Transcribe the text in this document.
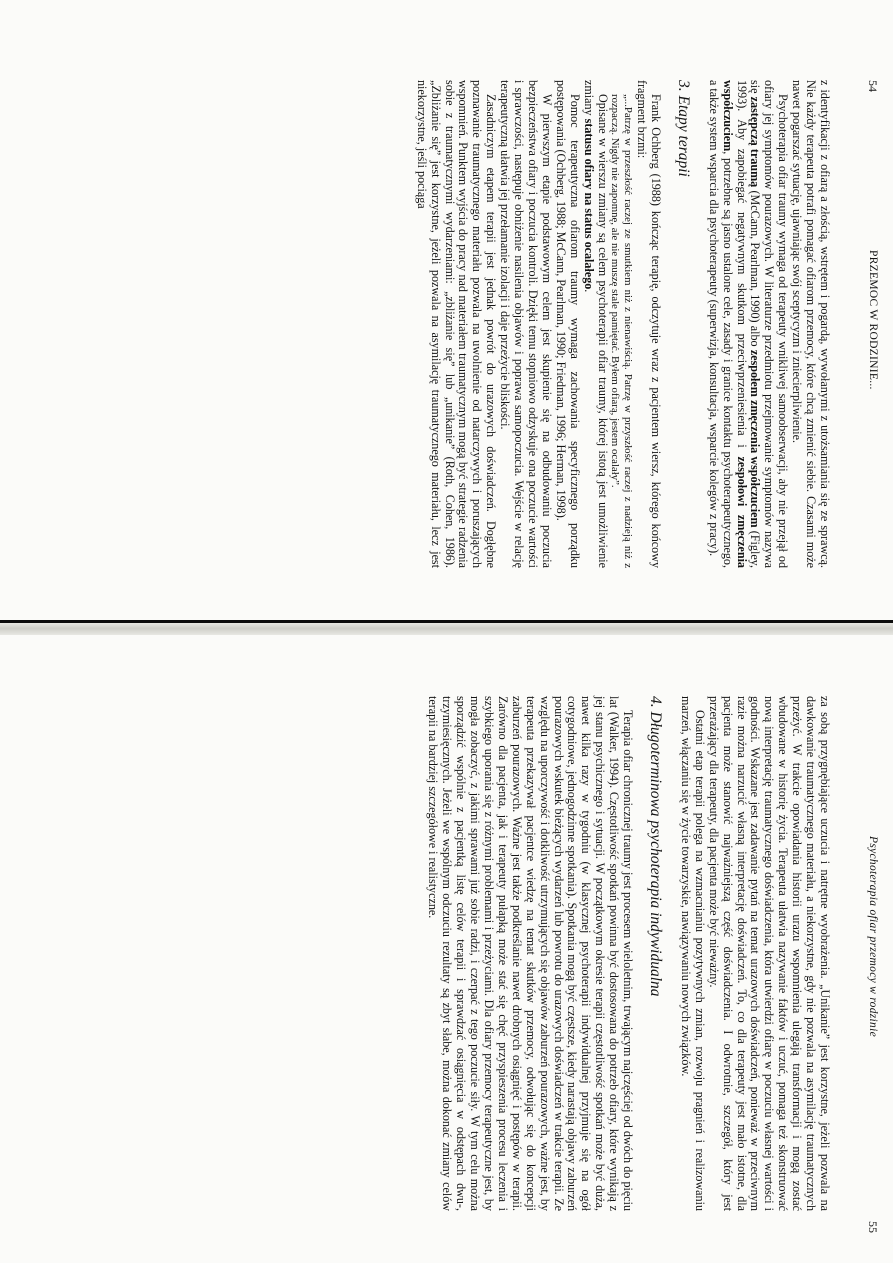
54
PRZEMOC W RODZINIE...

z identyfikacji z ofiarą a złością, wstrętem i pogardą, wywołanymi z utożsamiania się ze sprawcą. Nie każdy terapeuta potrafi pomagać ofiarom przemocy, które chcą zmienić siebie. Czasami może nawet pogarszać sytuację, ujawniając swój sceptycyzm i zniecierpliwienie.

Psychoterapia ofiar traumy wymaga od terapeuty wnikliwej samoobserwacji, aby nie przejął od ofiary jej symptomów pourazowych. W literaturze przedmiotu przejmowanie symptomów nazywa się zastępczą traumą (McCann, Pearlman, 1990) albo zespołem zmęczenia współczuciem (Figley, 1993). Aby zapobiegać negatywnym skutkom przeciwprzeniesienia i zespołowi zmęczenia współczuciem, potrzebne są jasno ustalone cele, zasady i granice kontaktu psychoterapeutycznego, a także system wsparcia dla psychoterapeuty (superwizja, konsultacja, wsparcie kolegów z pracy).

3. Etapy terapii

Frank Ochberg (1988) kończąc terapię, odczytuje wraz z pacjentem wiersz, którego końcowy fragment brzmi:

„...Patrzę w przeszłość raczej ze smutkiem niż z nienawiścią. Patrzę w przyszłość raczej z nadzieją niż z rozpaczą. Nigdy nie zapomnę, ale nie muszę stale pamiętać. Byłem ofiarą, jestem ocalały”.

Opisane w wierszu zmiany są celem psychoterapii ofiar traumy, której istotą jest umożliwienie zmiany statusu ofiary na status ocalałego.

Pomoc terapeutyczna ofiarom traumy wymaga zachowania specyficznego porządku postępowania (Ochberg, 1988; McCann, Pearlman, 1990; Friedman, 1996; Herman, 1998).

W pierwszym etapie podstawowym celem jest skupienie się na odbudowaniu poczucia bezpieczeństwa ofiary i poczucia kontroli. Dzięki temu stopniowo odzyskuje ona poczucie wartości i sprawczości, następuje obniżenie nasilenia objawów i poprawa samopoczucia. Wejście w relację terapeutyczną ułatwia jej przełamanie izolacji i daje przeżycie bliskości.

Zasadniczym etapem terapii jest jednak powrót do urazowych doświadczeń. Dogłębne poznawanie traumatycznego materiału pozwala na uwolnienie od natarczywych i poruszających wspomnień. Punktem wyjścia do pracy nad materiałem traumatycznym mogą być strategie radzenia sobie z traumatycznymi wydarzeniami: „zbliżanie się” lub „unikanie” (Roth, Cohen, 1986). „Zbliżanie się” jest korzystne, jeżeli pozwala na asymilację traumatycznego materiału, lecz jest niekorzystne, jeśli pociąga

Psychoterapia ofiar przemocy w rodzinie
55

za sobą przygnębiające uczucia i natrętne wyobrażenia. „Unikanie” jest korzystne, jeżeli pozwala na dawkowanie traumatycznego materiału, a niekorzystne, gdy nie pozwala na asymilację traumatycznych przeżyć. W trakcie opowiadania historii urazu wspomnienia ulegają transformacji i mogą zostać wbudowane w historię życia. Terapeuta ułatwia nazywanie faktów i uczuć, pomaga też skonstruować nową interpretację traumatycznego doświadczenia, która utwierdzi ofiarę w poczuciu własnej wartości i godności. Wskazane jest zadawanie pytań na temat urazowych doświadczeń, ponieważ w przeciwnym razie można narzucić własną interpretację doświadczeń. To, co dla terapeuty jest mało istotne, dla pacjenta może stanowić najważniejszą część doświadczenia. I odwrotnie, szczegół, który jest przerażający dla terapeuty, dla pacjenta może być nieważny.

Ostatni etap terapii polega na wzmacnianiu pozytywnych zmian, rozwoju pragnień i realizowaniu marzeń, włączaniu się w życie towarzyskie, nawiązywaniu nowych związków.

4. Długoterminowa psychoterapia indywidualna

Terapia ofiar chronicznej traumy jest procesem wieloletnim, trwającym najczęściej od dwóch do pięciu lat (Walker, 1994). Częstotliwość spotkań powinna być dostosowana do potrzeb ofiary, które wynikają z jej stanu psychicznego i sytuacji. W początkowym okresie terapii częstotliwość spotkań może być duża, nawet kilka razy w tygodniu (w klasycznej psychoterapii indywidualnej przyjmuje się na ogół cotygodniowe, jednogodzinne spotkania). Spotkania mogą być częstsze, kiedy narastają objawy zaburzeń pourazowych wskutek bieżących wydarzeń lub powrotu do urazowych doświadczeń w trakcie terapii. Ze względu na uporczywość i dotkliwość utrzymujących się objawów zaburzeń pourazowych, ważne jest, by terapeuta przekazywał pacjentce wiedzę na temat skutków przemocy, odwołując się do koncepcji zaburzeń pourazowych. Ważne jest także podkreślanie nawet drobnych osiągnięć i postępów w terapii. Zarówno dla pacjenta, jak i terapeuty pułapką może stać się chęć przyspieszenia procesu leczenia i szybkiego uporania się z różnymi problemami i przeżyciami. Dla ofiary przemocy terapeutyczne jest, by mogła zobaczyć, z jakimi sprawami już sobie radzi, i czerpać z tego poczucie siły. W tym celu można sporządzić wspólnie z pacjentką listę celów terapii i sprawdzać osiągnięcia w odstępach dwu-, trzymiesięcznych. Jeżeli we wspólnym odczuciu rezultaty są zbyt słabe, można dokonać zmiany celów terapii na bardziej szczegółowe i realistyczne.
